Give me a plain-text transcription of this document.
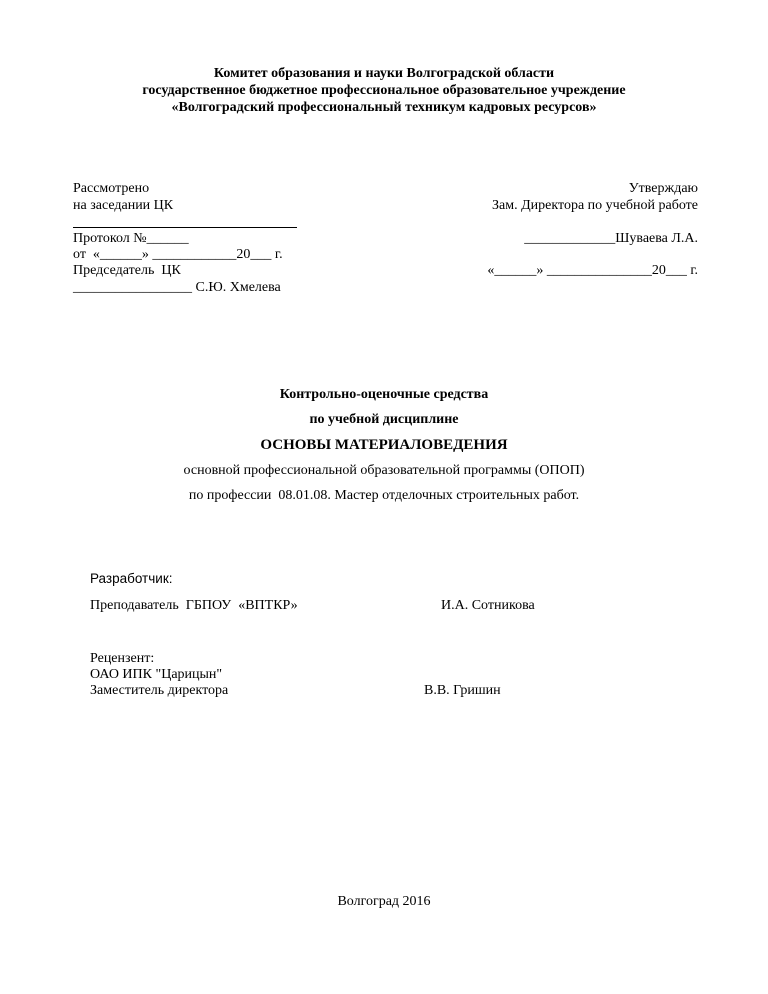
Комитет образования и науки Волгоградской области
государственное бюджетное профессиональное образовательное учреждение
«Волгоградский профессиональный техникум кадровых ресурсов»
Рассмотрено
на заседании ЦК
Протокол №______
от  «______» ____________20___ г.
Председатель  ЦК
_________________ С.Ю. Хмелева
Утверждаю
Зам. Директора по учебной работе
_____________Шуваева Л.А.
«______» _______________20___ г.
Контрольно-оценочные средства
по учебной дисциплине
ОСНОВЫ МАТЕРИАЛОВЕДЕНИЯ
основной профессиональной образовательной программы (ОПОП)
по профессии  08.01.08. Мастер отделочных строительных работ.
Разработчик:
Преподаватель  ГБПОУ  «ВПТКР»	И.А. Сотникова
Рецензент:
ОАО ИПК "Царицын"
Заместитель директора	В.В. Гришин
Волгоград 2016
